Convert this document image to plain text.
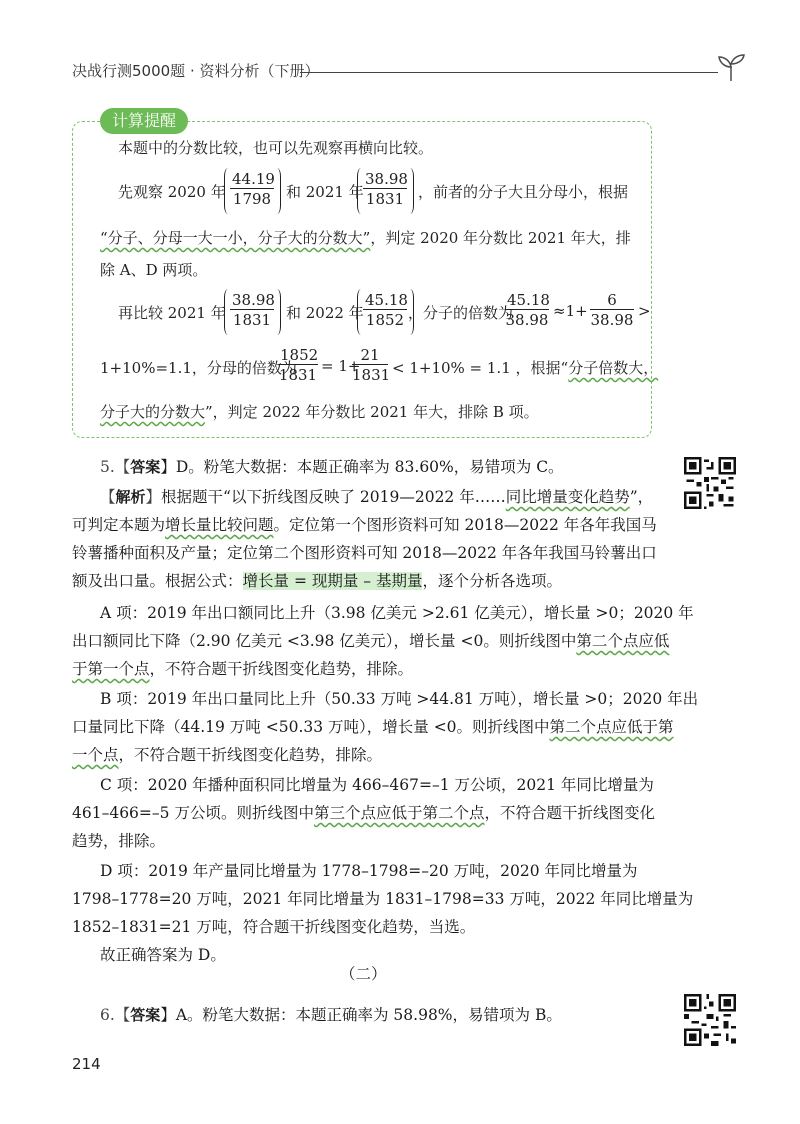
决战行测5000题 · 资料分析（下册）
计算提醒
本题中的分数比较，也可以先观察再横向比较。
先观察 2020 年 $\frac{44.19}{1798}$ 和 2021 年 $\frac{38.98}{1831}$ ，前者的分子大且分母小，根据
“分子、分母一大一小，分子大的分数大”，判定 2020 年分数比 2021 年大，排
除 A、D 两项。
再比较 2021 年 $\frac{38.98}{1831}$ 和 2022 年 $\frac{45.18}{1852}$ ，分子的倍数为
$\frac{45.18}{38.98} \approx 1+ \frac{6}{38.98}$ >
1+10%=1.1，分母的倍数为
$\frac{1852}{1831} = 1+$
$\frac{21}{1831} < 1+10\% = 1.1$ ，根据“分子倍数大，
分子大的分数大”，判定 2022 年分数比 2021 年大，排除 B 项。
5.【答案】D。粉笔大数据：本题正确率为 83.60%，易错项为 C。
【解析】根据题干“以下折线图反映了 2019—2022 年……同比增量变化趋势”，
可判定本题为增长量比较问题。定位第一个图形资料可知 2018—2022 年各年我国马
铃薯播种面积及产量；定位第二个图形资料可知 2018—2022 年各年我国马铃薯出口
额及出口量。根据公式：增长量 = 现期量 – 基期量，逐个分析各选项。
A 项：2019 年出口额同比上升（3.98 亿美元 >2.61 亿美元），增长量 >0；2020 年
出口额同比下降（2.90 亿美元 <3.98 亿美元），增长量 <0。则折线图中第二个点应低
于第一个点，不符合题干折线图变化趋势，排除。
B 项：2019 年出口量同比上升（50.33 万吨 >44.81 万吨），增长量 >0；2020 年出
口量同比下降（44.19 万吨 <50.33 万吨），增长量 <0。则折线图中第二个点应低于第
一个点，不符合题干折线图变化趋势，排除。
C 项：2020 年播种面积同比增量为 466–467=–1 万公顷，2021 年同比增量为
461–466=–5 万公顷。则折线图中第三个点应低于第二个点，不符合题干折线图变化
趋势，排除。
D 项：2019 年产量同比增量为 1778–1798=–20 万吨，2020 年同比增量为
1798–1778=20 万吨，2021 年同比增量为 1831–1798=33 万吨，2022 年同比增量为
1852–1831=21 万吨，符合题干折线图变化趋势，当选。
故正确答案为 D。
（二）
6.【答案】A。粉笔大数据：本题正确率为 58.98%，易错项为 B。
214
